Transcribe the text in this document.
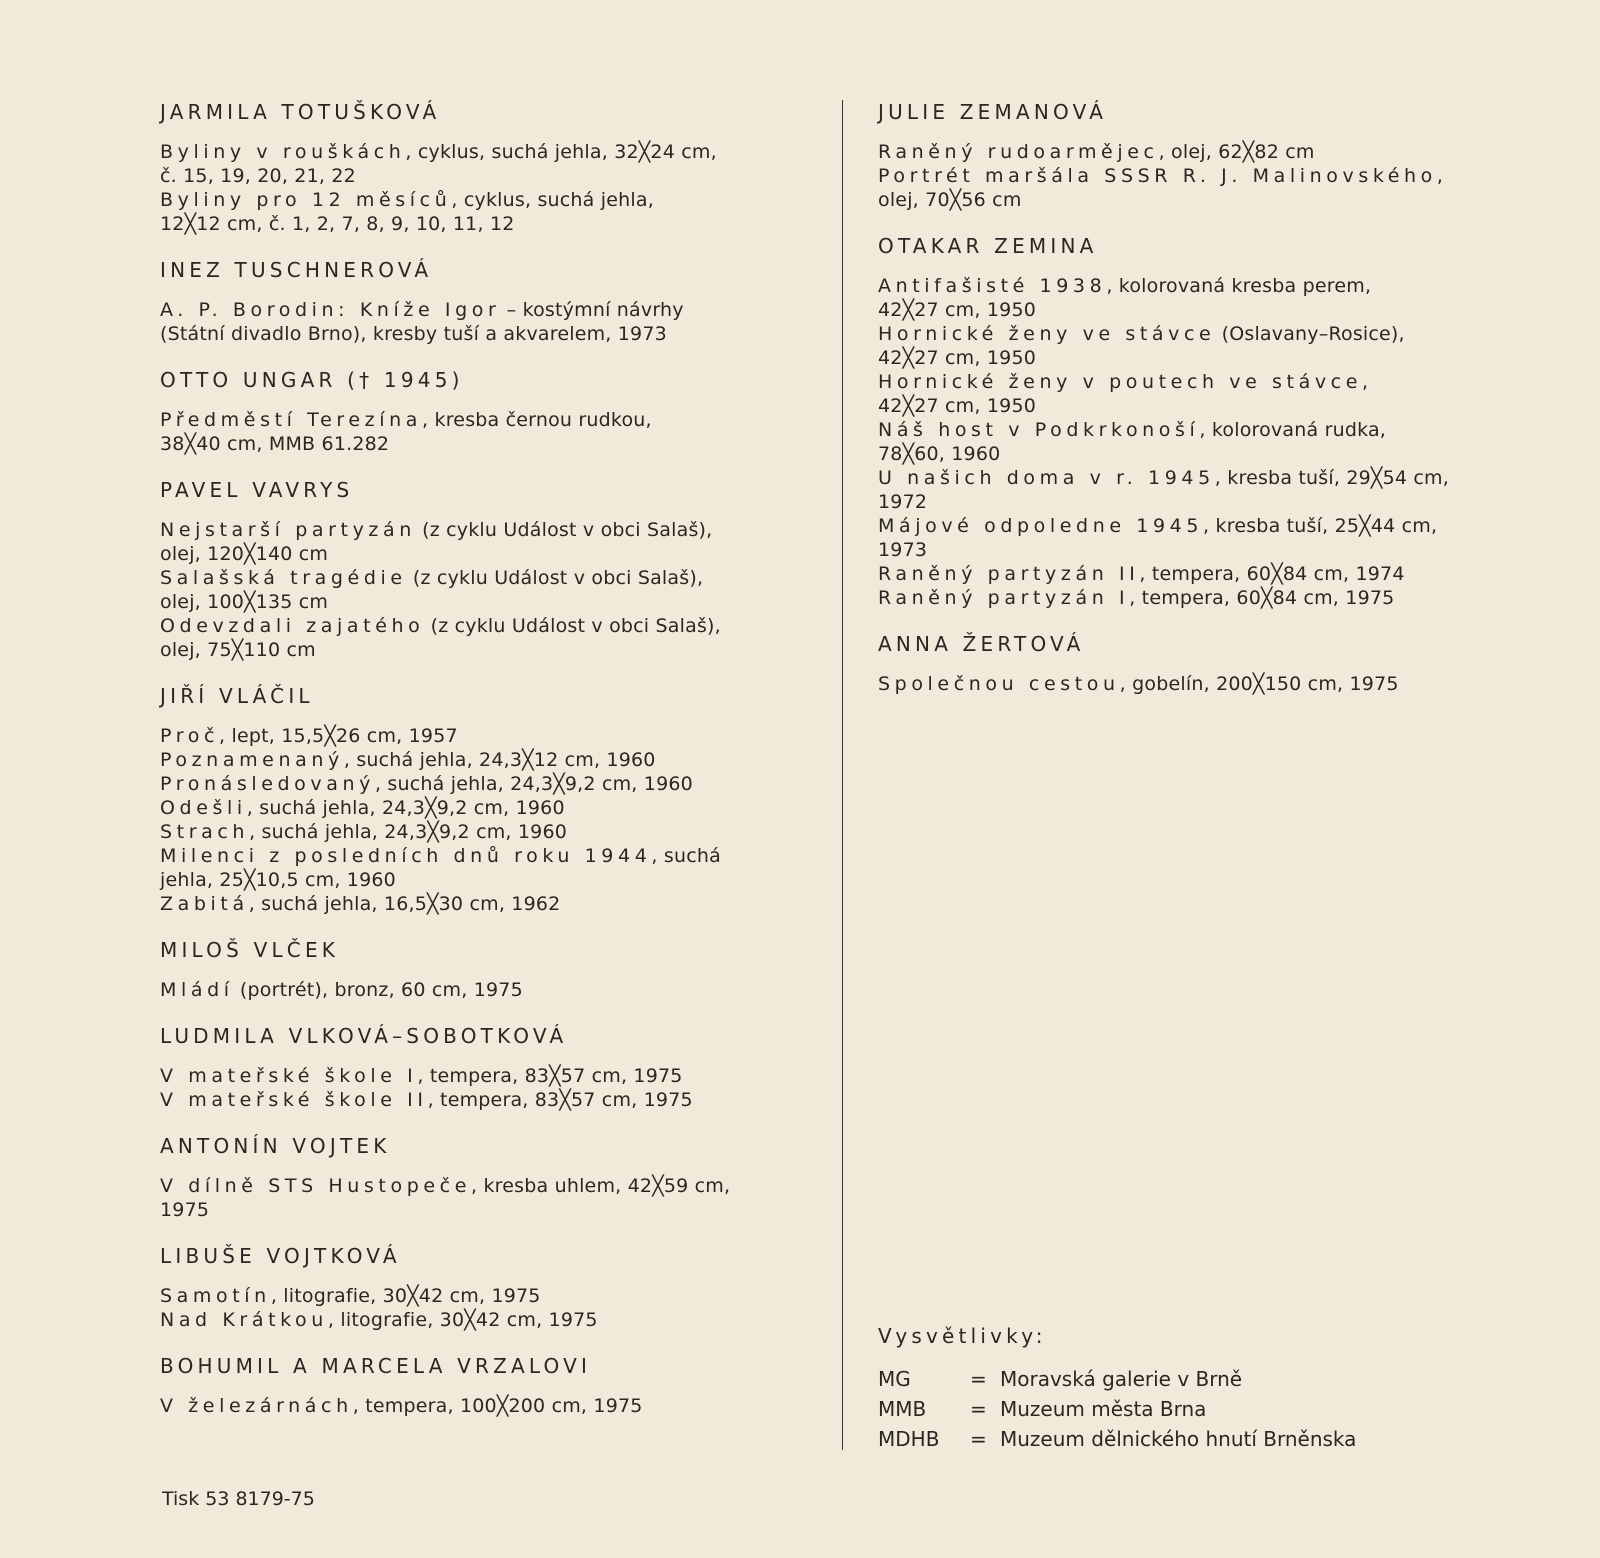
JARMILA TOTUŠKOVÁ
Byliny v rouškách, cyklus, suchá jehla, 32╳24 cm,
č. 15, 19, 20, 21, 22
Byliny pro 12 měsíců, cyklus, suchá jehla,
12╳12 cm, č. 1, 2, 7, 8, 9, 10, 11, 12
INEZ TUSCHNEROVÁ
A. P. Borodin: Kníže Igor – kostýmní návrhy
(Státní divadlo Brno), kresby tuší a akvarelem, 1973
OTTO UNGAR († 1945)
Předměstí Terezína, kresba černou rudkou,
38╳40 cm, MMB 61.282
PAVEL VAVRYS
Nejstarší partyzán (z cyklu Událost v obci Salaš),
olej, 120╳140 cm
Salašská tragédie (z cyklu Událost v obci Salaš),
olej, 100╳135 cm
Odevzdali zajatého (z cyklu Událost v obci Salaš),
olej, 75╳110 cm
JIŘÍ VLÁČIL
Proč, lept, 15,5╳26 cm, 1957
Poznamenaný, suchá jehla, 24,3╳12 cm, 1960
Pronásledovaný, suchá jehla, 24,3╳9,2 cm, 1960
Odešli, suchá jehla, 24,3╳9,2 cm, 1960
Strach, suchá jehla, 24,3╳9,2 cm, 1960
Milenci z posledních dnů roku 1944, suchá
jehla, 25╳10,5 cm, 1960
Zabitá, suchá jehla, 16,5╳30 cm, 1962
MILOŠ VLČEK
Mládí (portrét), bronz, 60 cm, 1975
LUDMILA VLKOVÁ–SOBOTKOVÁ
V mateřské škole I, tempera, 83╳57 cm, 1975
V mateřské škole II, tempera, 83╳57 cm, 1975
ANTONÍN VOJTEK
V dílně STS Hustopeče, kresba uhlem, 42╳59 cm,
1975
LIBUŠE VOJTKOVÁ
Samotín, litografie, 30╳42 cm, 1975
Nad Krátkou, litografie, 30╳42 cm, 1975
BOHUMIL A MARCELA VRZALOVI
V železárnách, tempera, 100╳200 cm, 1975
JULIE ZEMANOVÁ
Raněný rudoarmějec, olej, 62╳82 cm
Portrét maršála SSSR R. J. Malinovského,
olej, 70╳56 cm
OTAKAR ZEMINA
Antifašisté 1938, kolorovaná kresba perem,
42╳27 cm, 1950
Hornické ženy ve stávce (Oslavany–Rosice),
42╳27 cm, 1950
Hornické ženy v poutech ve stávce,
42╳27 cm, 1950
Náš host v Podkrkonoší, kolorovaná rudka,
78╳60, 1960
U našich doma v r. 1945, kresba tuší, 29╳54 cm,
1972
Májové odpoledne 1945, kresba tuší, 25╳44 cm,
1973
Raněný partyzán II, tempera, 60╳84 cm, 1974
Raněný partyzán I, tempera, 60╳84 cm, 1975
ANNA ŽERTOVÁ
Společnou cestou, gobelín, 200╳150 cm, 1975
Vysvětlivky:
MG	= Moravská galerie v Brně
MMB	= Muzeum města Brna
MDHB	= Muzeum dělnického hnutí Brněnska
Tisk 53 8179-75
